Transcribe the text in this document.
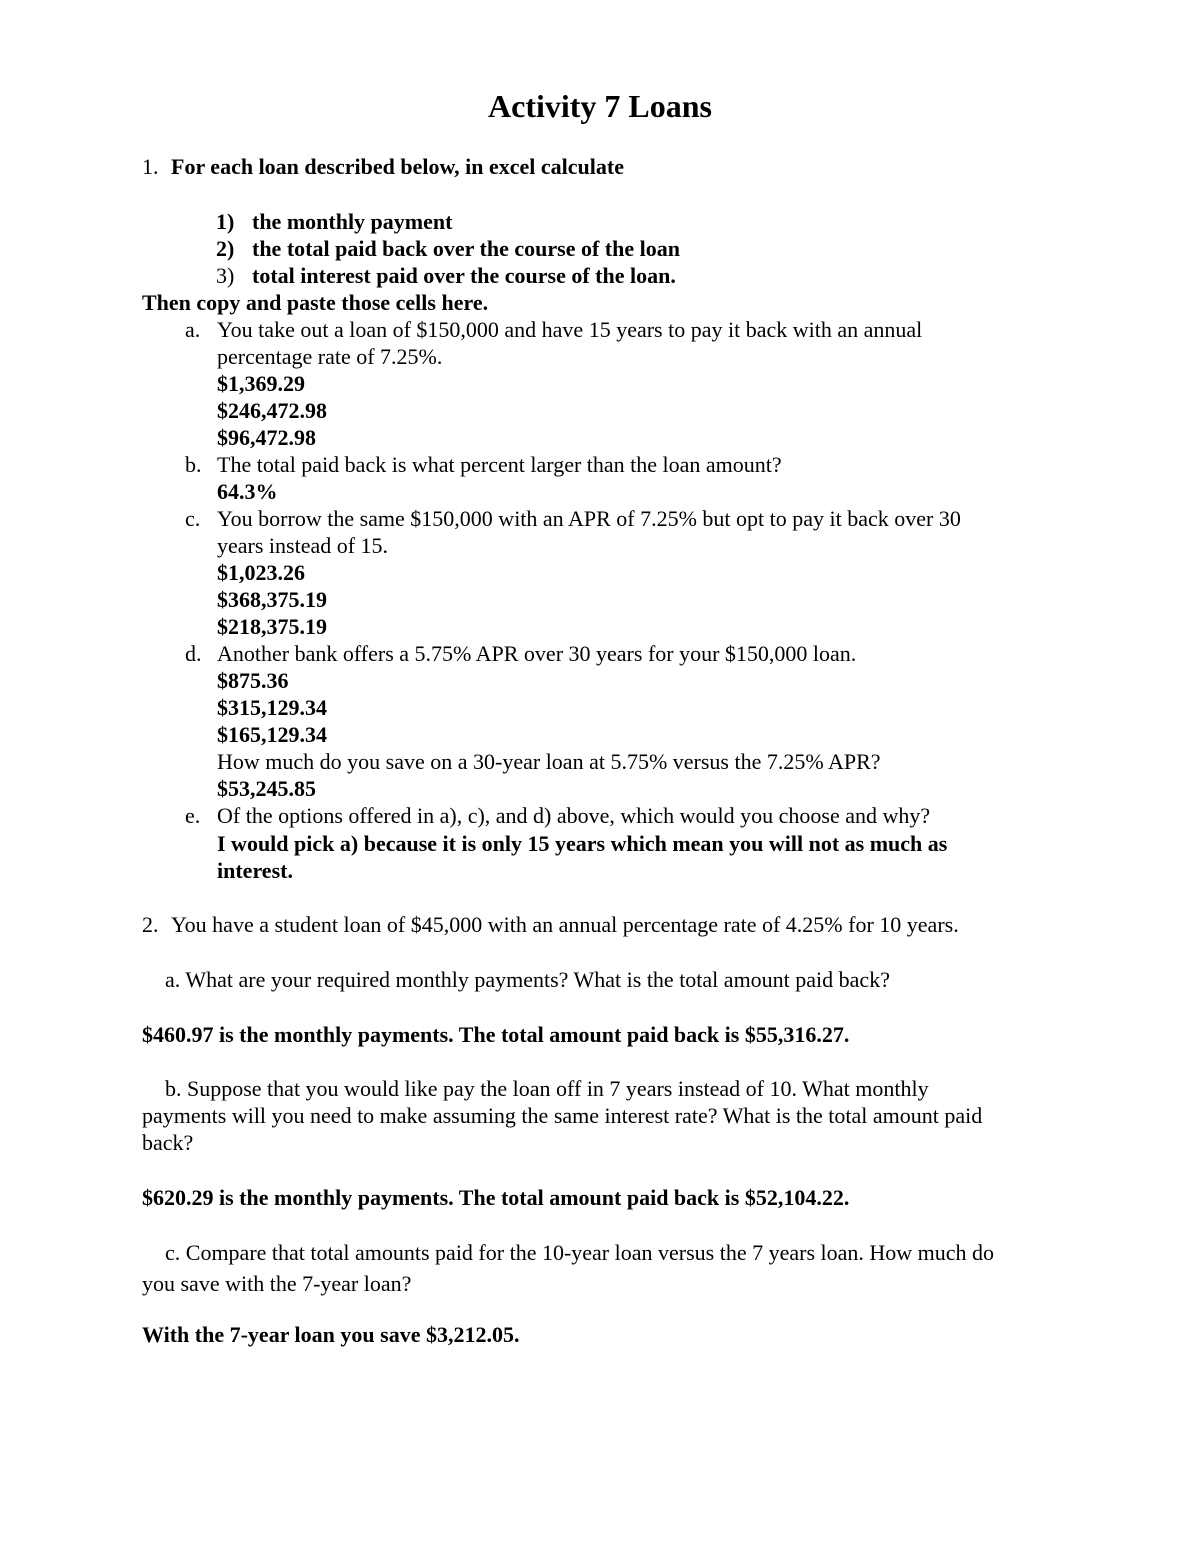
Activity 7 Loans
1. For each loan described below, in excel calculate
1) the monthly payment
2) the total paid back over the course of the loan
3) total interest paid over the course of the loan.
Then copy and paste those cells here.
a. You take out a loan of $150,000 and have 15 years to pay it back with an annual
percentage rate of 7.25%.
$1,369.29
$246,472.98
$96,472.98
b. The total paid back is what percent larger than the loan amount?
64.3%
c. You borrow the same $150,000 with an APR of 7.25% but opt to pay it back over 30
years instead of 15.
$1,023.26
$368,375.19
$218,375.19
d. Another bank offers a 5.75% APR over 30 years for your $150,000 loan.
$875.36
$315,129.34
$165,129.34
How much do you save on a 30-year loan at 5.75% versus the 7.25% APR?
$53,245.85
e. Of the options offered in a), c), and d) above, which would you choose and why?
I would pick a) because it is only 15 years which mean you will not as much as
interest.
2. You have a student loan of $45,000 with an annual percentage rate of 4.25% for 10 years.
a. What are your required monthly payments? What is the total amount paid back?
$460.97 is the monthly payments. The total amount paid back is $55,316.27.
b. Suppose that you would like pay the loan off in 7 years instead of 10. What monthly
payments will you need to make assuming the same interest rate? What is the total amount paid
back?
$620.29 is the monthly payments. The total amount paid back is $52,104.22.
c. Compare that total amounts paid for the 10-year loan versus the 7 years loan. How much do
you save with the 7-year loan?
With the 7-year loan you save $3,212.05.
